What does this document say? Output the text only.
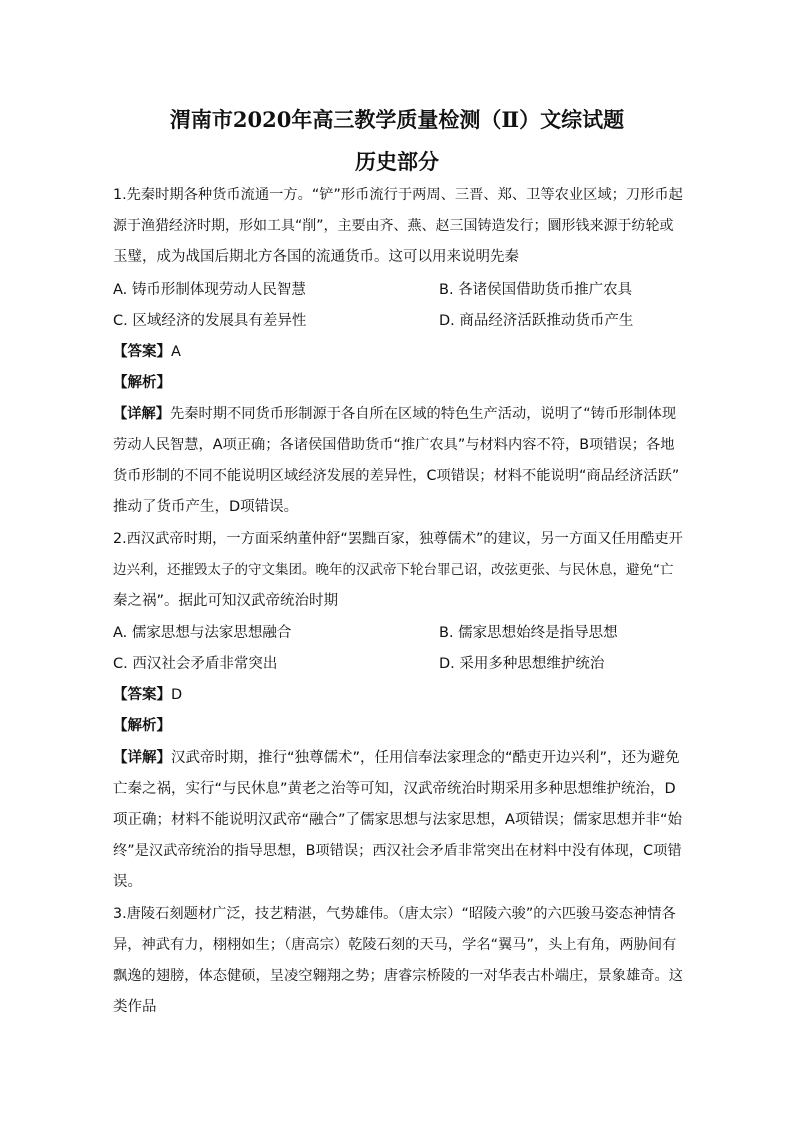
渭南市2020年高三教学质量检测（Ⅱ）文综试题
历史部分
1.先秦时期各种货币流通一方。“铲”形币流行于两周、三晋、郑、卫等农业区域；刀形币起
源于渔猎经济时期，形如工具“削”，主要由齐、燕、赵三国铸造发行；圜形钱来源于纺轮或
玉璧，成为战国后期北方各国的流通货币。这可以用来说明先秦
A. 铸币形制体现劳动人民智慧	B. 各诸侯国借助货币推广农具
C. 区域经济的发展具有差异性	D. 商品经济活跃推动货币产生
【答案】A
【解析】
【详解】先秦时期不同货币形制源于各自所在区域的特色生产活动，说明了“铸币形制体现
劳动人民智慧，A项正确；各诸侯国借助货币“推广农具”与材料内容不符，B项错误；各地
货币形制的不同不能说明区域经济发展的差异性，C项错误；材料不能说明“商品经济活跃”
推动了货币产生，D项错误。
2.西汉武帝时期，一方面采纳董仲舒“罢黜百家，独尊儒术”的建议，另一方面又任用酷吏开
边兴利，还摧毁太子的守文集团。晚年的汉武帝下轮台罪己诏，改弦更张、与民休息，避免“亡
秦之祸”。据此可知汉武帝统治时期
A. 儒家思想与法家思想融合	B. 儒家思想始终是指导思想
C. 西汉社会矛盾非常突出	D. 采用多种思想维护统治
【答案】D
【解析】
【详解】汉武帝时期，推行“独尊儒术”，任用信奉法家理念的“酷吏开边兴利”，还为避免
亡秦之祸，实行“与民休息”黄老之治等可知，汉武帝统治时期采用多种思想维护统治，D
项正确；材料不能说明汉武帝“融合”了儒家思想与法家思想，A项错误；儒家思想并非“始
终”是汉武帝统治的指导思想，B项错误；西汉社会矛盾非常突出在材料中没有体现，C项错
误。
3.唐陵石刻题材广泛，技艺精湛，气势雄伟。（唐太宗）“昭陵六骏”的六匹骏马姿态神情各
异，神武有力，栩栩如生；（唐高宗）乾陵石刻的天马，学名“翼马”，头上有角，两胁间有
飘逸的翅膀，体态健硕，呈凌空翱翔之势；唐睿宗桥陵的一对华表古朴端庄，景象雄奇。这
类作品
